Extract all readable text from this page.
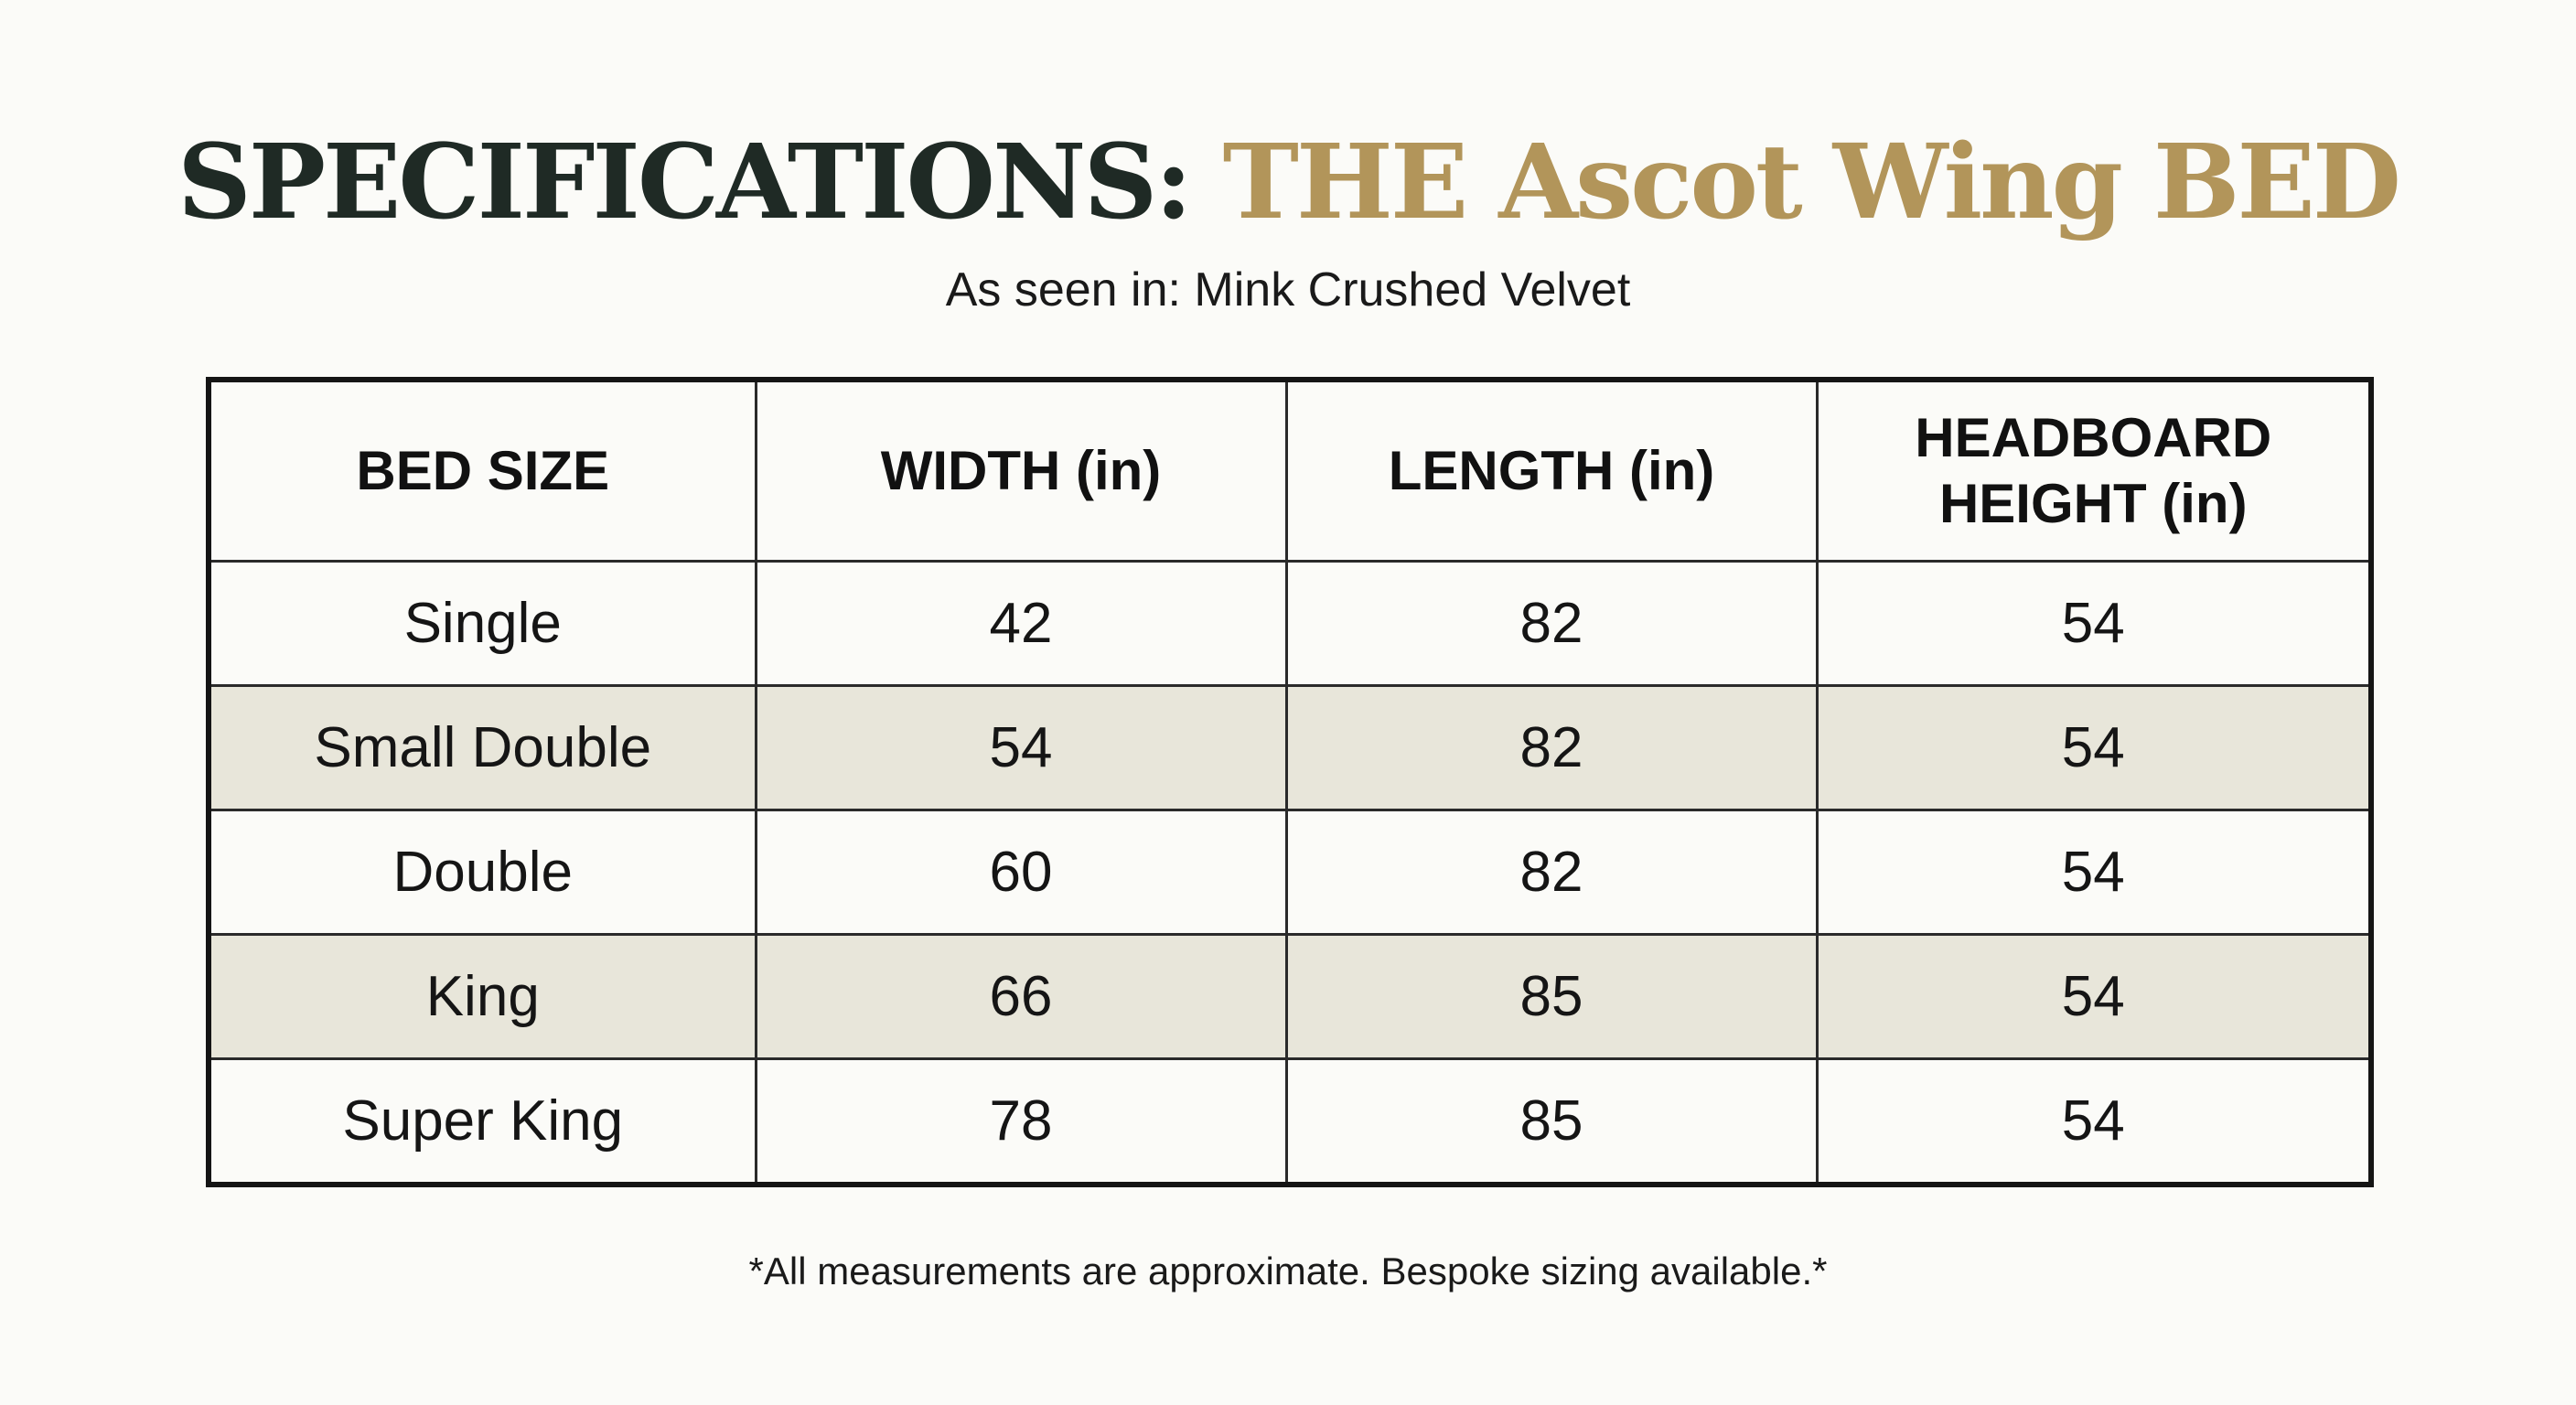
SPECIFICATIONS: THE Ascot Wing BED
As seen in: Mink Crushed Velvet
BED SIZE	WIDTH (in)	LENGTH (in)	HEADBOARD
HEIGHT (in)
Single	42	82	54
Small Double	54	82	54
Double	60	82	54
King	66	85	54
Super King	78	85	54
*All measurements are approximate. Bespoke sizing available.*
